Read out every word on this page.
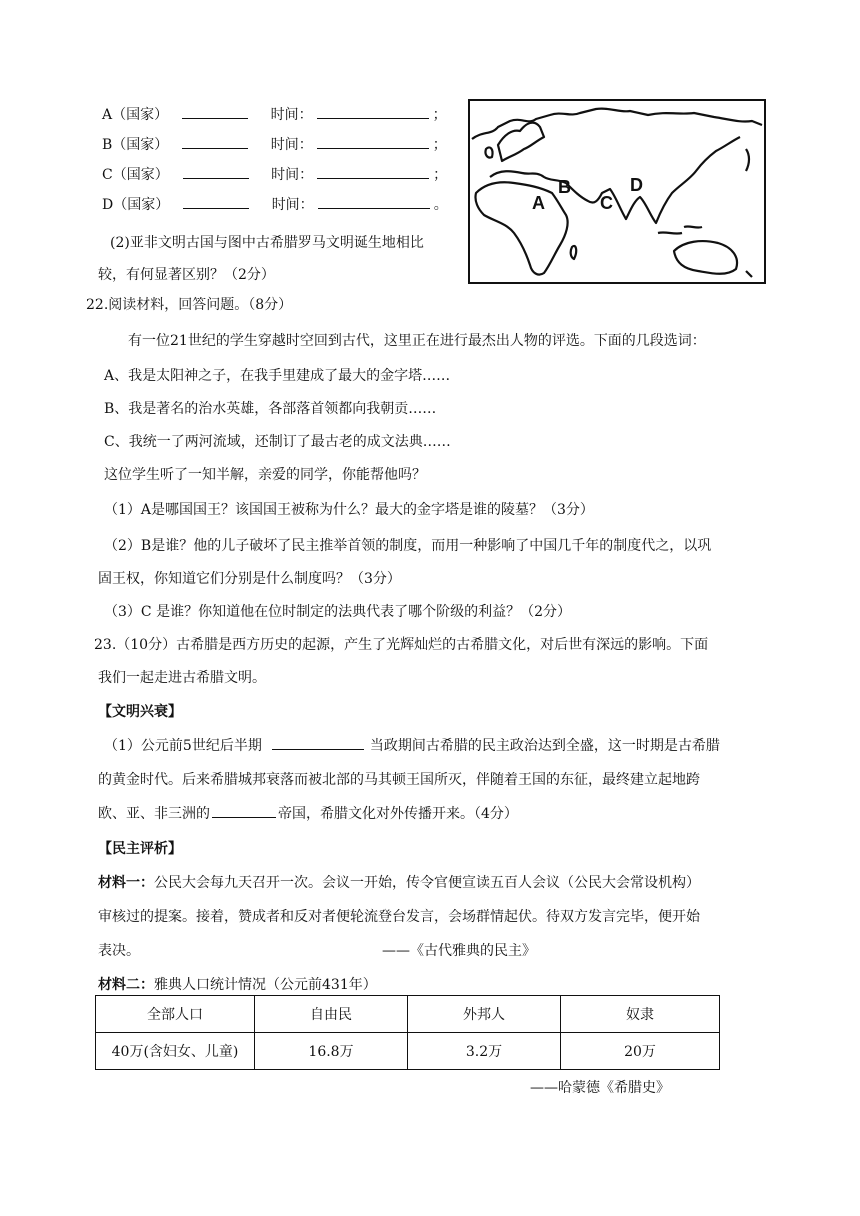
A（国家）	时间：	；
B（国家）	时间：	；
C（国家）	时间：	；
D（国家）	时间：	。
(2)亚非文明古国与图中古希腊罗马文明诞生地相比
较，有何显著区别？（2分）
A
B
C
D
22.阅读材料，回答问题。（8分）
有一位21世纪的学生穿越时空回到古代，这里正在进行最杰出人物的评选。下面的几段选词：
A、我是太阳神之子，在我手里建成了最大的金字塔……
B、我是著名的治水英雄，各部落首领都向我朝贡……
C、我统一了两河流域，还制订了最古老的成文法典……
这位学生听了一知半解，亲爱的同学，你能帮他吗？
（1）A是哪国国王？该国国王被称为什么？最大的金字塔是谁的陵墓？（3分）
（2）B是谁？他的儿子破坏了民主推举首领的制度，而用一种影响了中国几千年的制度代之，以巩
固王权，你知道它们分别是什么制度吗？（3分）
（3）C 是谁？你知道他在位时制定的法典代表了哪个阶级的利益？（2分）
23.（10分）古希腊是西方历史的起源，产生了光辉灿烂的古希腊文化，对后世有深远的影响。下面
我们一起走进古希腊文明。
【文明兴衰】
（1）公元前5世纪后半期	当政期间古希腊的民主政治达到全盛，这一时期是古希腊
的黄金时代。后来希腊城邦衰落而被北部的马其顿王国所灭，伴随着王国的东征，最终建立起地跨
欧、亚、非三洲的	帝国，希腊文化对外传播开来。（4分）
【民主评析】
材料一：公民大会每九天召开一次。会议一开始，传令官便宣读五百人会议（公民大会常设机构）
审核过的提案。接着，赞成者和反对者便轮流登台发言，会场群情起伏。待双方发言完毕，便开始
表决。	——《古代雅典的民主》
材料二：雅典人口统计情况（公元前431年）
全部人口	自由民	外邦人	奴隶
40万(含妇女、儿童)	16.8万	3.2万	20万
——哈蒙德《希腊史》
